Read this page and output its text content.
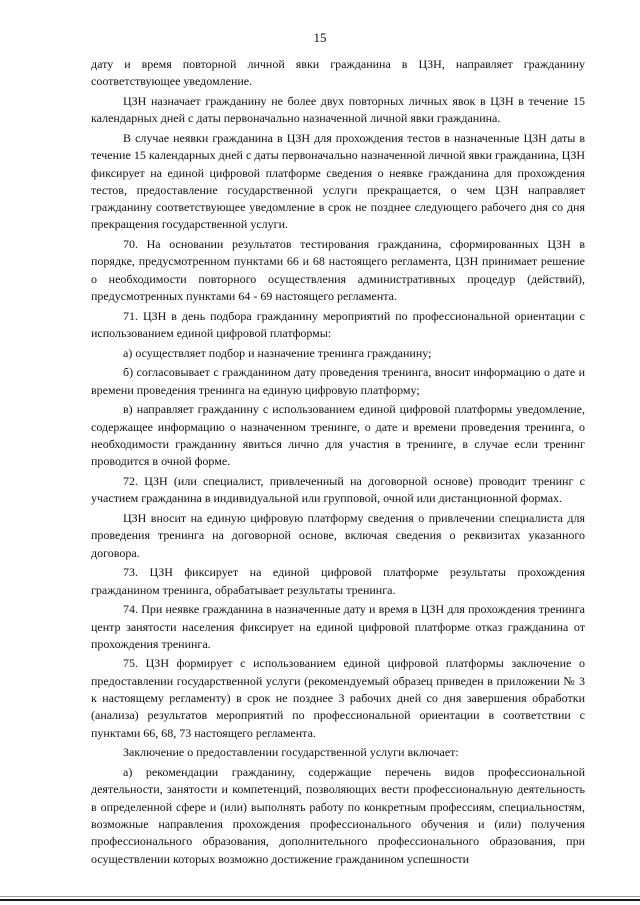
15

дату и время повторной личной явки гражданина в ЦЗН, направляет гражданину соответствующее уведомление.

ЦЗН назначает гражданину не более двух повторных личных явок в ЦЗН в течение 15 календарных дней с даты первоначально назначенной личной явки гражданина.

В случае неявки гражданина в ЦЗН для прохождения тестов в назначенные ЦЗН даты в течение 15 календарных дней с даты первоначально назначенной личной явки гражданина, ЦЗН фиксирует на единой цифровой платформе сведения о неявке гражданина для прохождения тестов, предоставление государственной услуги прекращается, о чем ЦЗН направляет гражданину соответствующее уведомление в срок не позднее следующего рабочего дня со дня прекращения государственной услуги.

70. На основании результатов тестирования гражданина, сформированных ЦЗН в порядке, предусмотренном пунктами 66 и 68 настоящего регламента, ЦЗН принимает решение о необходимости повторного осуществления административных процедур (действий), предусмотренных пунктами 64 - 69 настоящего регламента.

71. ЦЗН в день подбора гражданину мероприятий по профессиональной ориентации с использованием единой цифровой платформы:

а) осуществляет подбор и назначение тренинга гражданину;

б) согласовывает с гражданином дату проведения тренинга, вносит информацию о дате и времени проведения тренинга на единую цифровую платформу;

в) направляет гражданину с использованием единой цифровой платформы уведомление, содержащее информацию о назначенном тренинге, о дате и времени проведения тренинга, о необходимости гражданину явиться лично для участия в тренинге, в случае если тренинг проводится в очной форме.

72. ЦЗН (или специалист, привлеченный на договорной основе) проводит тренинг с участием гражданина в индивидуальной или групповой, очной или дистанционной формах.

ЦЗН вносит на единую цифровую платформу сведения о привлечении специалиста для проведения тренинга на договорной основе, включая сведения о реквизитах указанного договора.

73. ЦЗН фиксирует на единой цифровой платформе результаты прохождения гражданином тренинга, обрабатывает результаты тренинга.

74. При неявке гражданина в назначенные дату и время в ЦЗН для прохождения тренинга центр занятости населения фиксирует на единой цифровой платформе отказ гражданина от прохождения тренинга.

75. ЦЗН формирует с использованием единой цифровой платформы заключение о предоставлении государственной услуги (рекомендуемый образец приведен в приложении № 3 к настоящему регламенту) в срок не позднее 3 рабочих дней со дня завершения обработки (анализа) результатов мероприятий по профессиональной ориентации в соответствии с пунктами 66, 68, 73 настоящего регламента.

Заключение о предоставлении государственной услуги включает:

а) рекомендации гражданину, содержащие перечень видов профессиональной деятельности, занятости и компетенций, позволяющих вести профессиональную деятельность в определенной сфере и (или) выполнять работу по конкретным профессиям, специальностям, возможные направления прохождения профессионального обучения и (или) получения профессионального образования, дополнительного профессионального образования, при осуществлении которых возможно достижение гражданином успешности
